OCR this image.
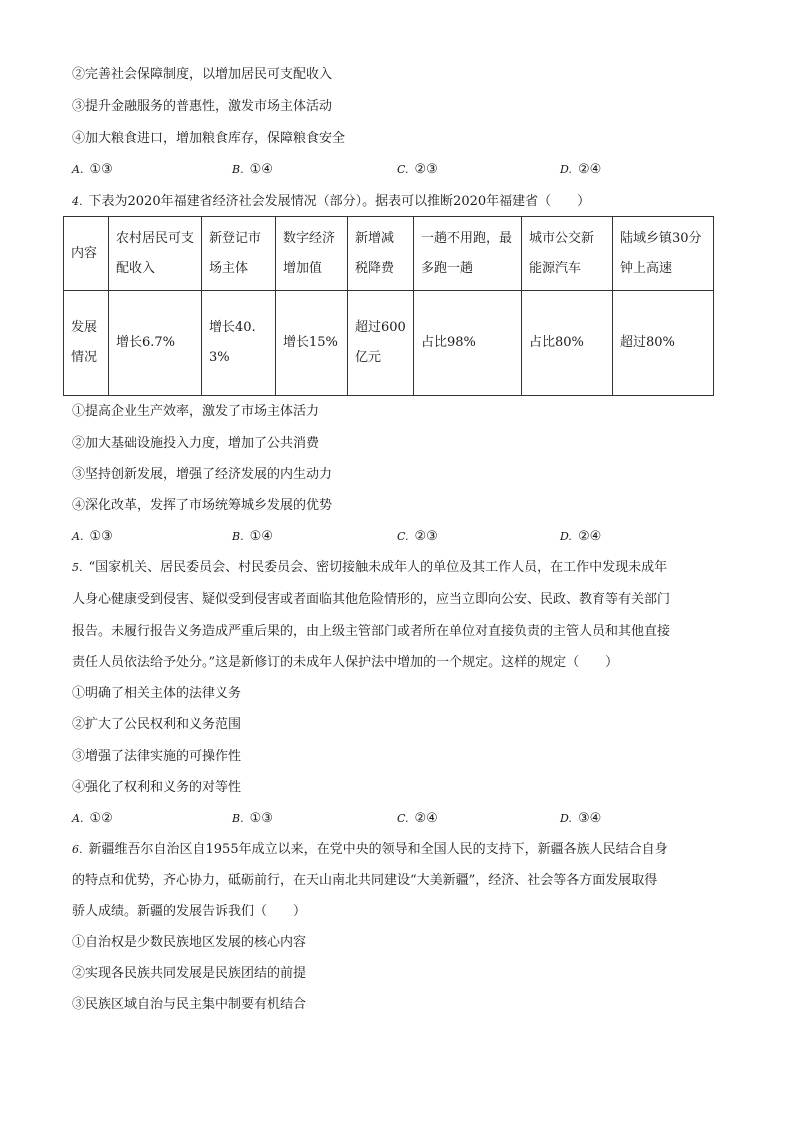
②完善社会保障制度，以增加居民可支配收入
③提升金融服务的普惠性，激发市场主体活动
④加大粮食进口，增加粮食库存，保障粮食安全
A. ①③	B. ①④	C. ②③	D. ②④
4. 下表为2020年福建省经济社会发展情况（部分）。据表可以推断2020年福建省（　　）
内容	农村居民可支配收入	新登记市场主体	数字经济增加值	新增减税降费	一趟不用跑，最多跑一趟	城市公交新能源汽车	陆域乡镇30分钟上高速
发展情况	增长6.7%	增长40.3%	增长15%	超过600亿元	占比98%	占比80%	超过80%
①提高企业生产效率，激发了市场主体活力
②加大基础设施投入力度，增加了公共消费
③坚持创新发展，增强了经济发展的内生动力
④深化改革，发挥了市场统筹城乡发展的优势
A. ①③	B. ①④	C. ②③	D. ②④
5. “国家机关、居民委员会、村民委员会、密切接触未成年人的单位及其工作人员，在工作中发现未成年
人身心健康受到侵害、疑似受到侵害或者面临其他危险情形的，应当立即向公安、民政、教育等有关部门
报告。未履行报告义务造成严重后果的，由上级主管部门或者所在单位对直接负责的主管人员和其他直接
责任人员依法给予处分。”这是新修订的未成年人保护法中增加的一个规定。这样的规定（　　）
①明确了相关主体的法律义务
②扩大了公民权利和义务范围
③增强了法律实施的可操作性
④强化了权利和义务的对等性
A. ①②	B. ①③	C. ②④	D. ③④
6. 新疆维吾尔自治区自1955年成立以来，在党中央的领导和全国人民的支持下，新疆各族人民结合自身
的特点和优势，齐心协力，砥砺前行，在天山南北共同建设“大美新疆”，经济、社会等各方面发展取得
骄人成绩。新疆的发展告诉我们（　　）
①自治权是少数民族地区发展的核心内容
②实现各民族共同发展是民族团结的前提
③民族区域自治与民主集中制要有机结合
